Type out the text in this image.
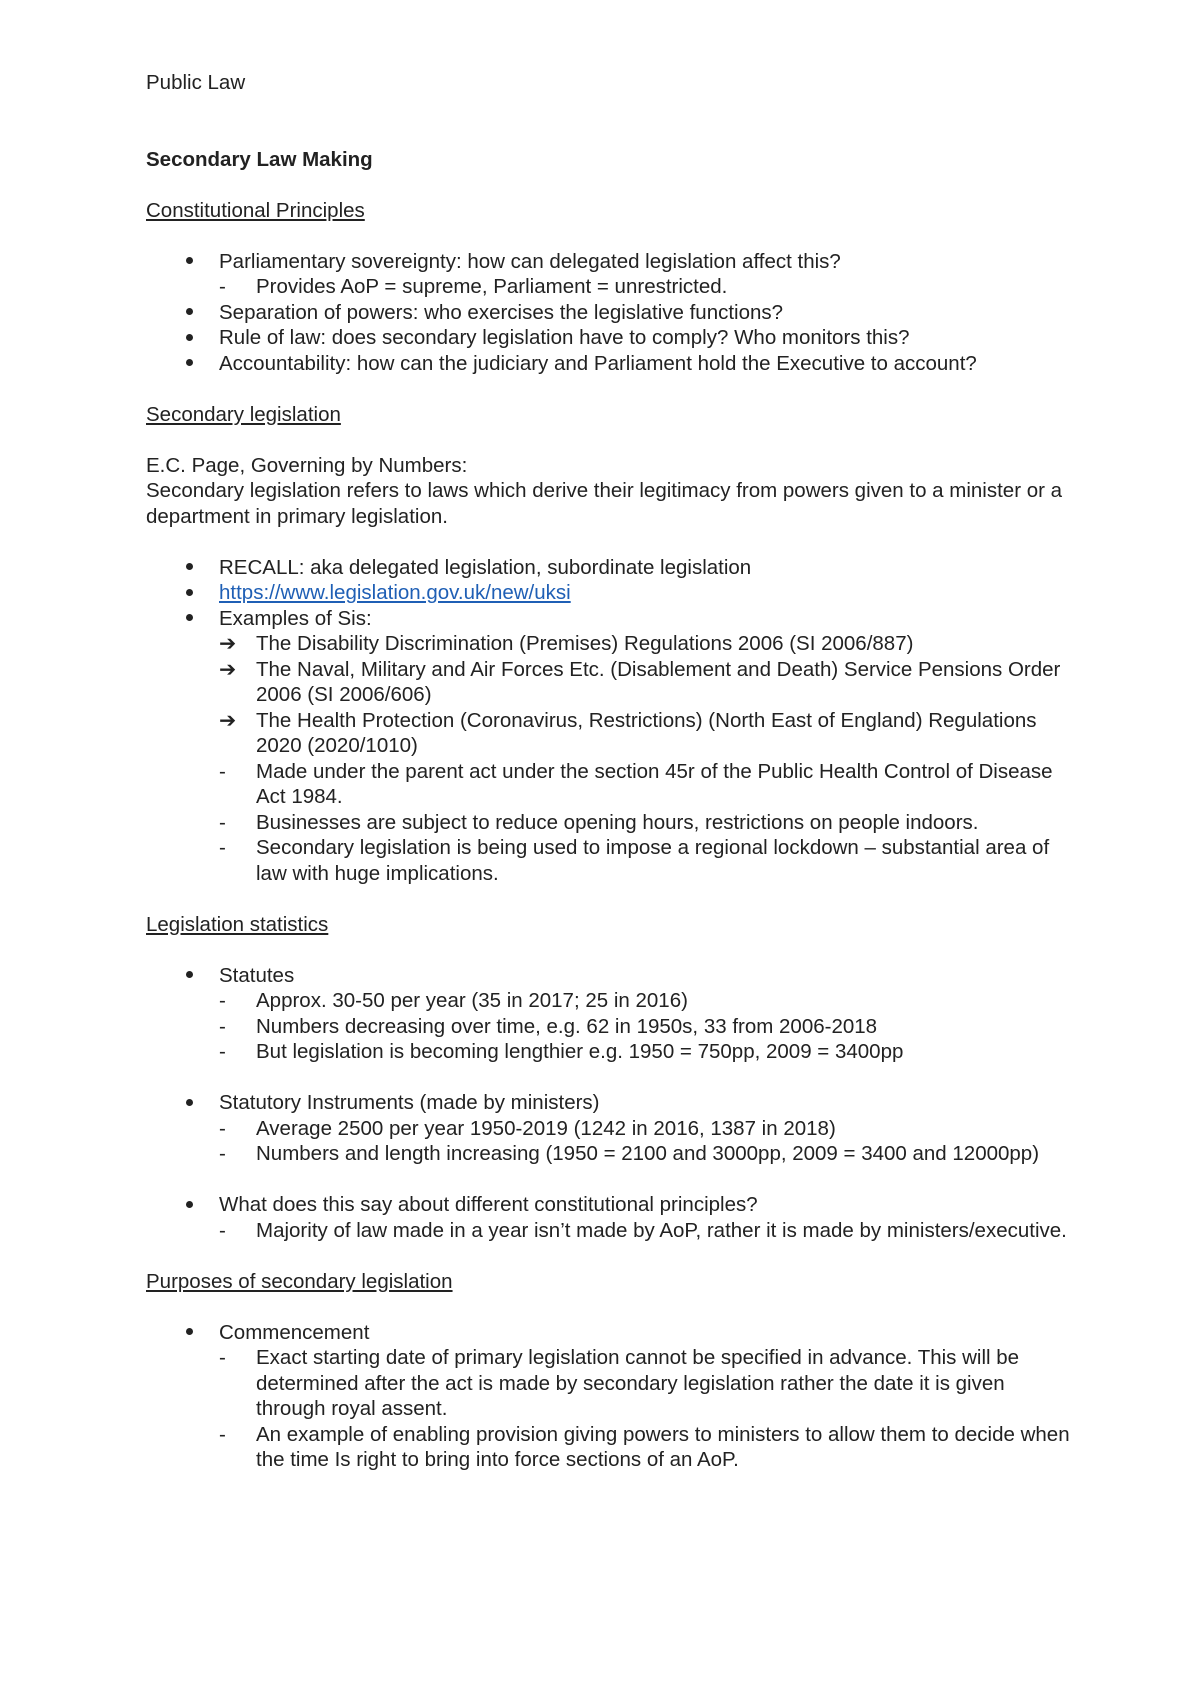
Public Law

Secondary Law Making

Constitutional Principles

Parliamentary sovereignty: how can delegated legislation affect this?
- Provides AoP = supreme, Parliament = unrestricted.
Separation of powers: who exercises the legislative functions?
Rule of law: does secondary legislation have to comply? Who monitors this?
Accountability: how can the judiciary and Parliament hold the Executive to account?

Secondary legislation

E.C. Page, Governing by Numbers:

Secondary legislation refers to laws which derive their legitimacy from powers given to a minister or a department in primary legislation.

RECALL: aka delegated legislation, subordinate legislation
https://www.legislation.gov.uk/new/uksi
Examples of Sis:
➔ The Disability Discrimination (Premises) Regulations 2006 (SI 2006/887)
➔ The Naval, Military and Air Forces Etc. (Disablement and Death) Service Pensions Order 2006 (SI 2006/606)
➔ The Health Protection (Coronavirus, Restrictions) (North East of England) Regulations 2020 (2020/1010)
- Made under the parent act under the section 45r of the Public Health Control of Disease Act 1984.
- Businesses are subject to reduce opening hours, restrictions on people indoors.
- Secondary legislation is being used to impose a regional lockdown – substantial area of law with huge implications.

Legislation statistics

Statutes
- Approx. 30-50 per year (35 in 2017; 25 in 2016)
- Numbers decreasing over time, e.g. 62 in 1950s, 33 from 2006-2018
- But legislation is becoming lengthier e.g. 1950 = 750pp, 2009 = 3400pp
Statutory Instruments (made by ministers)
- Average 2500 per year 1950-2019 (1242 in 2016, 1387 in 2018)
- Numbers and length increasing (1950 = 2100 and 3000pp, 2009 = 3400 and 12000pp)
What does this say about different constitutional principles?
- Majority of law made in a year isn’t made by AoP, rather it is made by ministers/executive.

Purposes of secondary legislation

Commencement
- Exact starting date of primary legislation cannot be specified in advance. This will be determined after the act is made by secondary legislation rather the date it is given through royal assent.
- An example of enabling provision giving powers to ministers to allow them to decide when the time Is right to bring into force sections of an AoP.
